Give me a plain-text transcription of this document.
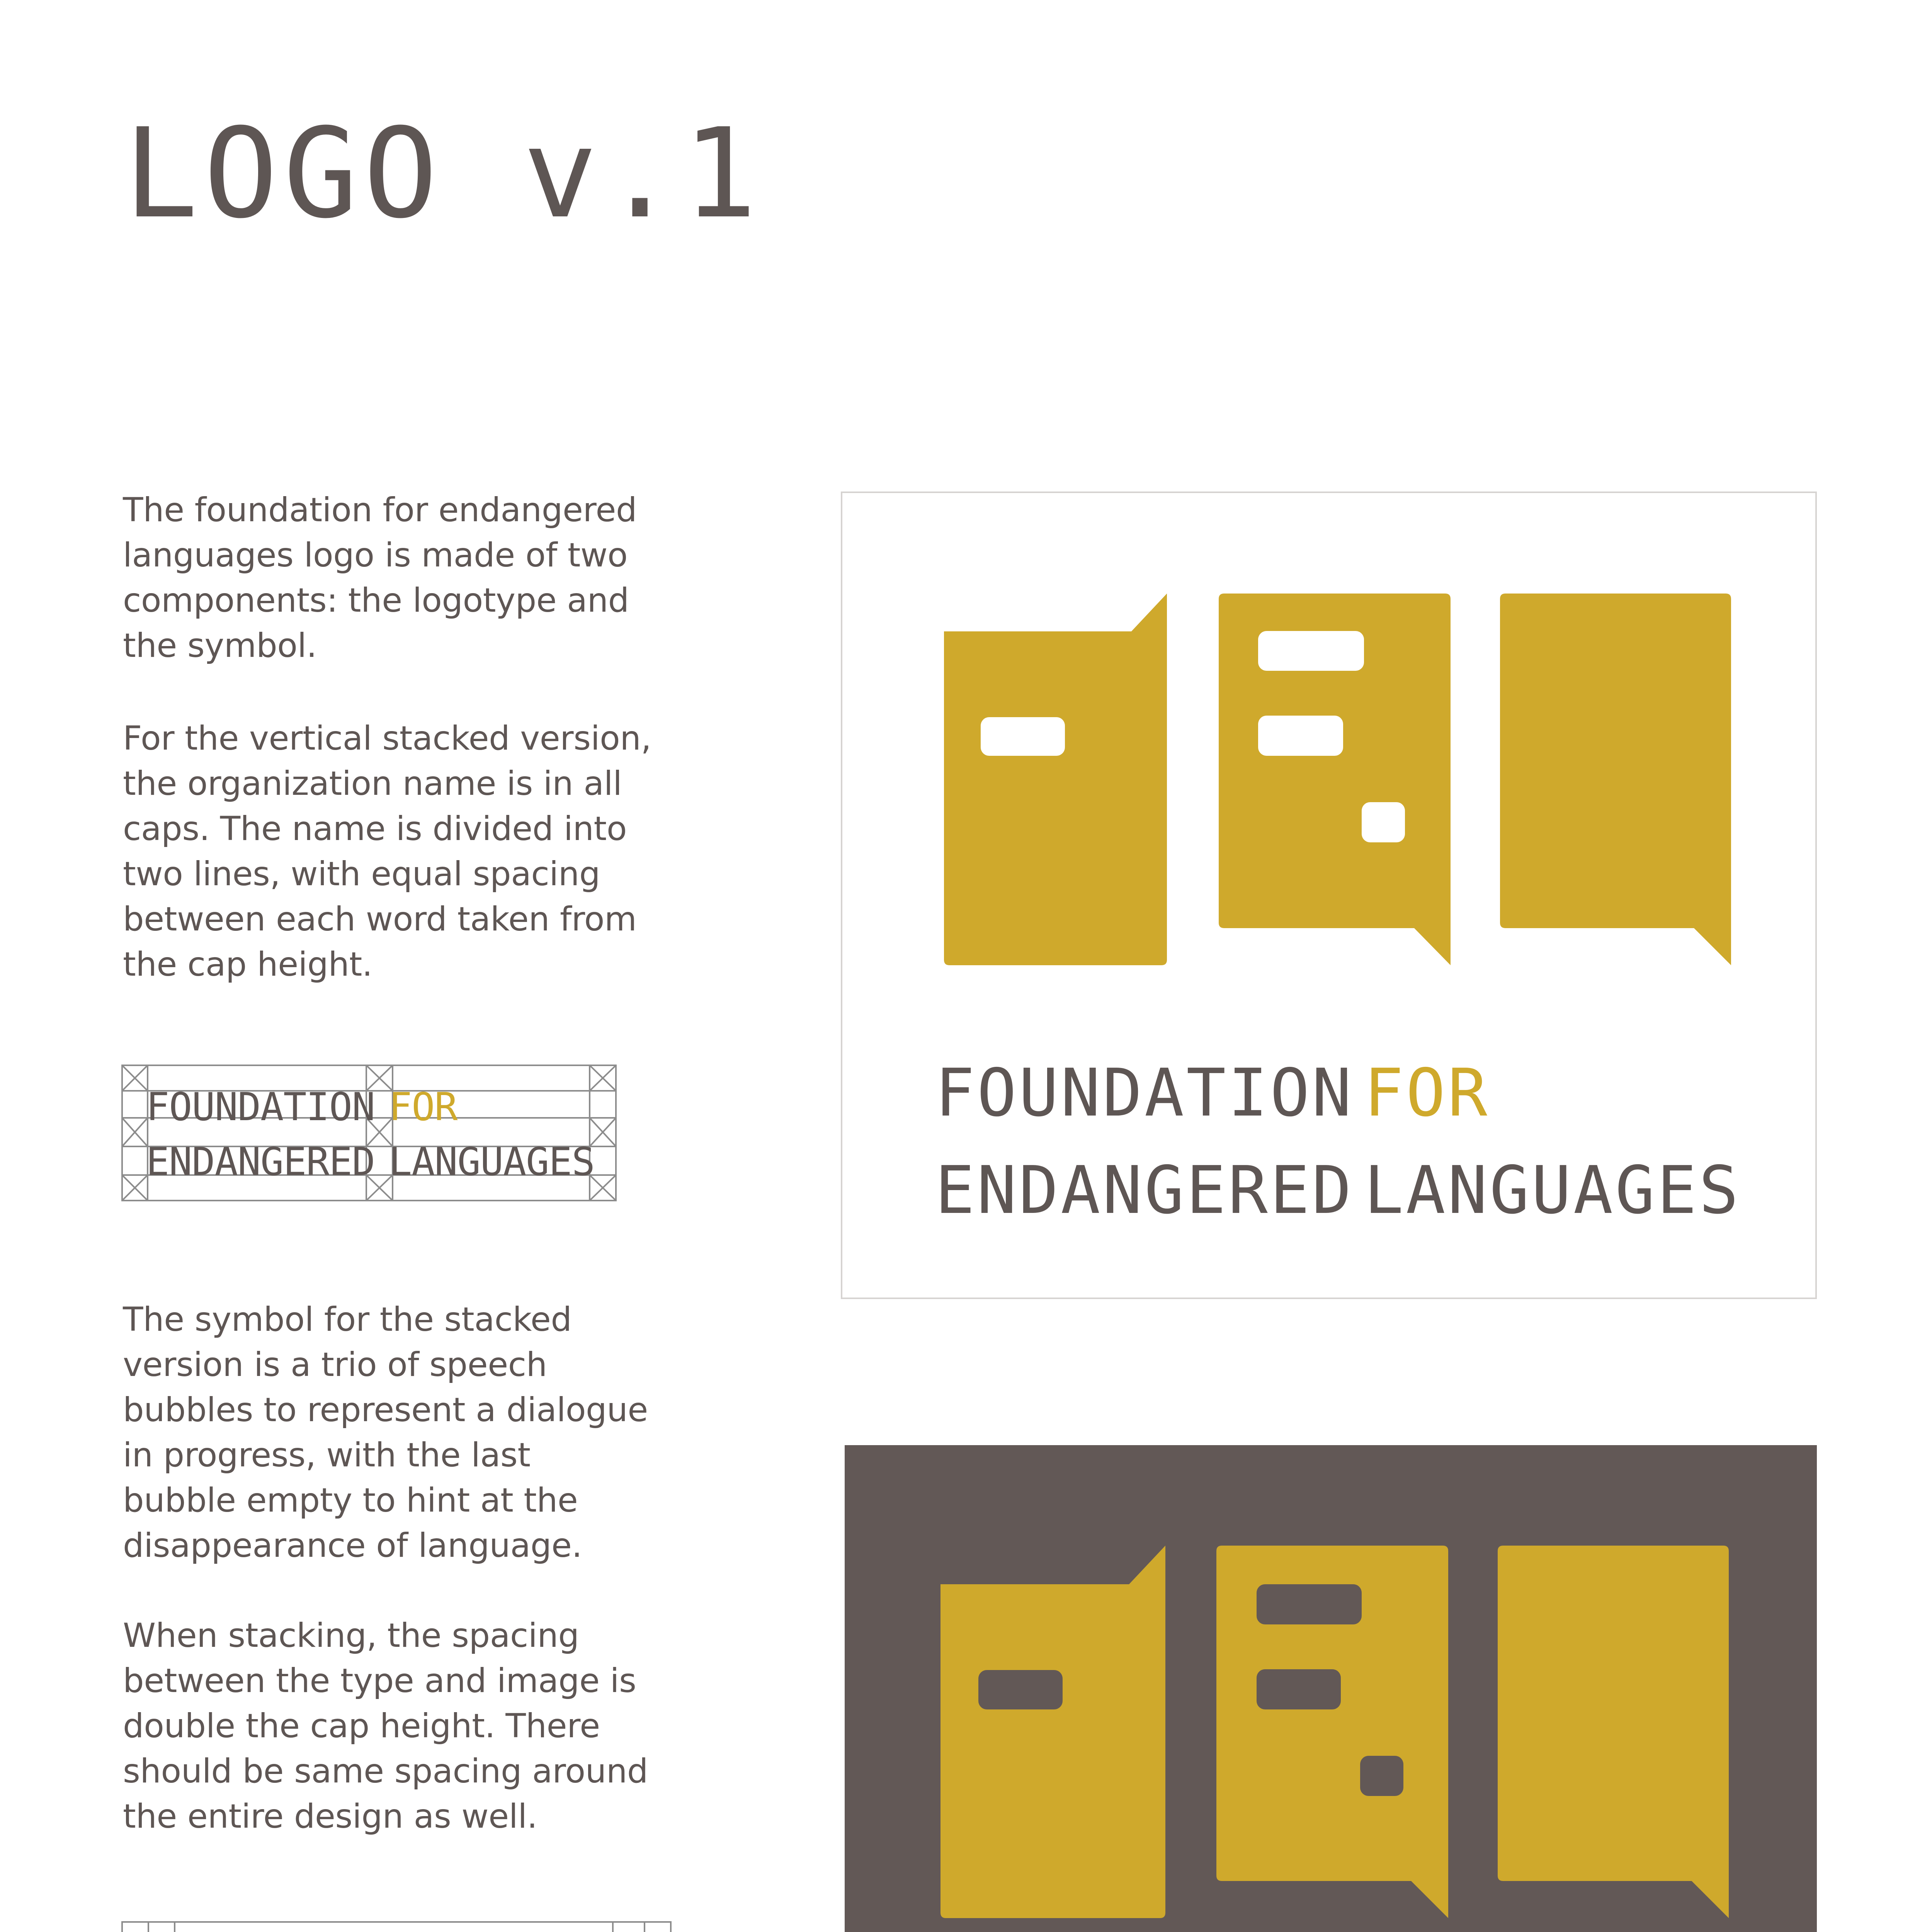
LOGO v.1

The foundation for endangered
languages logo is made of two
components: the logotype and
the symbol.

For the vertical stacked version,
the organization name is in all
caps. The name is divided into
two lines, with equal spacing
between each word taken from
the cap height.

The symbol for the stacked
version is a trio of speech
bubbles to represent a dialogue
in progress, with the last
bubble empty to hint at the
disappearance of language.

When stacking, the spacing
between the type and image is
double the cap height. There
should be same spacing around
the entire design as well.

FOUNDATION FOR
ENDANGERED LANGUAGES
FOUNDATION FOR
ENDANGERED LANGUAGES
